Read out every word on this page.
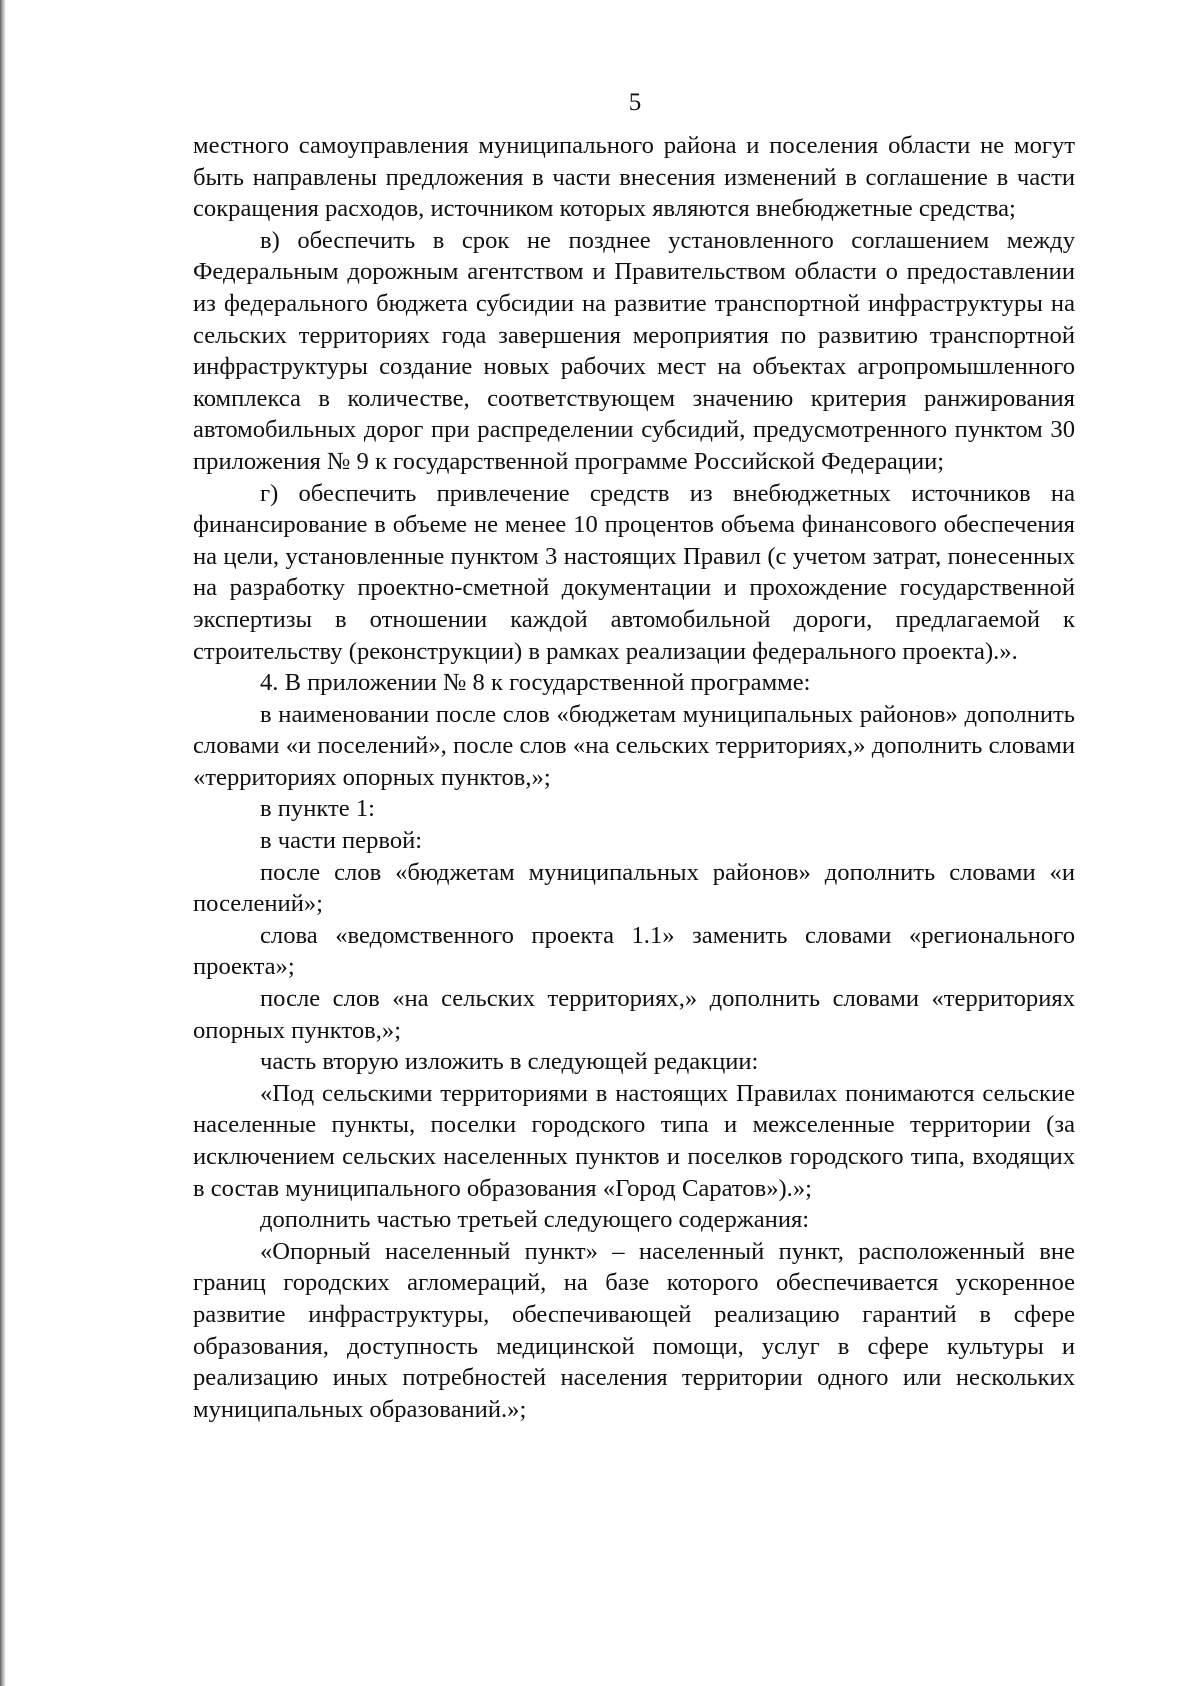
5

местного самоуправления муниципального района и поселения области не могут быть направлены предложения в части внесения изменений в соглашение в части сокращения расходов, источником которых являются внебюджетные средства;

в) обеспечить в срок не позднее установленного соглашением между Федеральным дорожным агентством и Правительством области о предоставлении из федерального бюджета субсидии на развитие транспортной инфраструктуры на сельских территориях года завершения мероприятия по развитию транспортной инфраструктуры создание новых рабочих мест на объектах агропромышленного комплекса в количестве, соответствующем значению критерия ранжирования автомобильных дорог при распределении субсидий, предусмотренного пунктом 30 приложения № 9 к государственной программе Российской Федерации;

г) обеспечить привлечение средств из внебюджетных источников на финансирование в объеме не менее 10 процентов объема финансового обеспечения на цели, установленные пунктом 3 настоящих Правил (с учетом затрат, понесенных на разработку проектно-сметной документации и прохождение государственной экспертизы в отношении каждой автомобильной дороги, предлагаемой к строительству (реконструкции) в рамках реализации федерального проекта).».

4. В приложении № 8 к государственной программе:

в наименовании после слов «бюджетам муниципальных районов» дополнить словами «и поселений», после слов «на сельских территориях,» дополнить словами «территориях опорных пунктов,»;

в пункте 1:

в части первой:

после слов «бюджетам муниципальных районов» дополнить словами «и поселений»;

слова «ведомственного проекта 1.1» заменить словами «регионального проекта»;

после слов «на сельских территориях,» дополнить словами «территориях опорных пунктов,»;

часть вторую изложить в следующей редакции:

«Под сельскими территориями в настоящих Правилах понимаются сельские населенные пункты, поселки городского типа и межселенные территории (за исключением сельских населенных пунктов и поселков городского типа, входящих в состав муниципального образования «Город Саратов»).»;

дополнить частью третьей следующего содержания:

«Опорный населенный пункт» – населенный пункт, расположенный вне границ городских агломераций, на базе которого обеспечивается ускоренное развитие инфраструктуры, обеспечивающей реализацию гарантий в сфере образования, доступность медицинской помощи, услуг в сфере культуры и реализацию иных потребностей населения территории одного или нескольких муниципальных образований.»;
